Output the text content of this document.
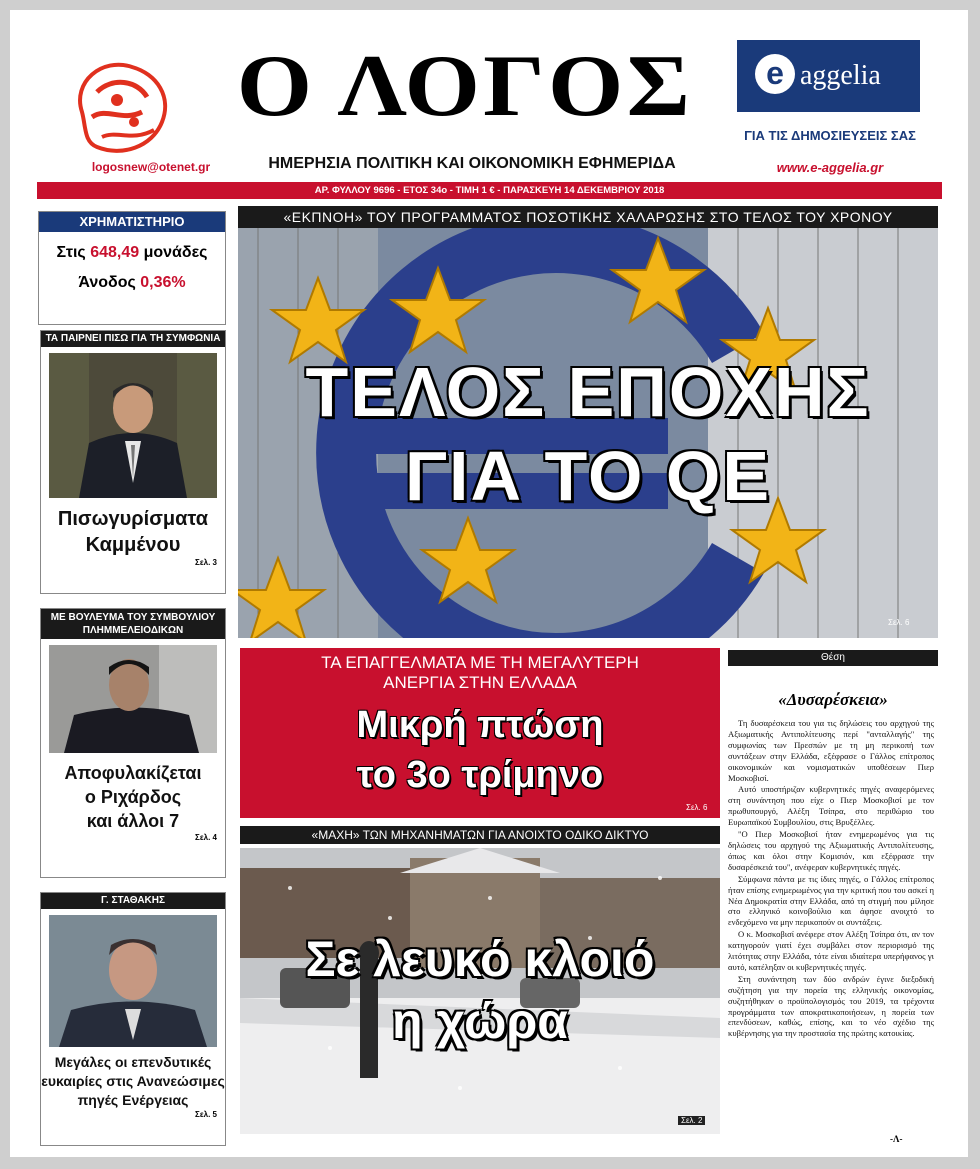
logosnew@otenet.gr
Ο ΛΟΓΟΣ
ΗΜΕΡΗΣΙΑ ΠΟΛΙΤΙΚΗ ΚΑΙ ΟΙΚΟΝΟΜΙΚΗ ΕΦΗΜΕΡΙΔΑ
ΑΡ. ΦΥΛΛΟΥ 9696 - ΕΤΟΣ 34ο - ΤΙΜΗ 1 € - ΠΑΡΑΣΚΕΥΗ 14 ΔΕΚΕΜΒΡΙΟΥ 2018
e aggelia
ΓΙΑ ΤΙΣ ΔΗΜΟΣΙΕΥΣΕΙΣ ΣΑΣ
www.e-aggelia.gr
ΧΡΗΜΑΤΙΣΤΗΡΙΟ
Στις 648,49 μονάδες
Άνοδος 0,36%
ΤΑ ΠΑΙΡΝΕΙ ΠΙΣΩ ΓΙΑ ΤΗ ΣΥΜΦΩΝΙΑ
Πισωγυρίσματα
Καμμένου
Σελ. 3
ΜΕ ΒΟΥΛΕΥΜΑ ΤΟΥ ΣΥΜΒΟΥΛΙΟΥ
ΠΛΗΜΜΕΛΕΙΟΔΙΚΩΝ
Αποφυλακίζεται
ο Ριχάρδος
και άλλοι 7
Σελ. 4
Γ. ΣΤΑΘΑΚΗΣ
Μεγάλες οι επενδυτικές
ευκαιρίες στις Ανανεώσιμες
πηγές Ενέργειας
Σελ. 5
«ΕΚΠΝΟΗ» ΤΟΥ ΠΡΟΓΡΑΜΜΑΤΟΣ ΠΟΣΟΤΙΚΗΣ ΧΑΛΑΡΩΣΗΣ ΣΤΟ ΤΕΛΟΣ ΤΟΥ ΧΡΟΝΟΥ
ΤΕΛΟΣ ΕΠΟΧΗΣ
ΓΙΑ ΤΟ QE
Σελ. 6
ΤΑ ΕΠΑΓΓΕΛΜΑΤΑ ΜΕ ΤΗ ΜΕΓΑΛΥΤΕΡΗ
ΑΝΕΡΓΙΑ ΣΤΗΝ ΕΛΛΑΔΑ
Μικρή πτώση
το 3ο τρίμηνο
Σελ. 6
«ΜΑΧΗ» ΤΩΝ ΜΗΧΑΝΗΜΑΤΩΝ ΓΙΑ ΑΝΟΙΧΤΟ ΟΔΙΚΟ ΔΙΚΤΥΟ
Σε λευκό κλοιό
η χώρα
Σελ. 2
Θέση
«Δυσαρέσκεια»

Τη δυσαρέσκεια του για τις δηλώσεις του αρχηγού της Αξιωματικής Αντιπολίτευσης περί "ανταλλαγής" της συμφωνίας των Πρεσπών με τη μη περικοπή των συντάξεων στην Ελλάδα, εξέφρασε ο Γάλλος επίτροπος οικονομικών και νομισματικών υποθέσεων Πιερ Μοσκοβισί.

Αυτό υποστήριζαν κυβερνητικές πηγές αναφερόμενες στη συνάντηση που είχε ο Πιερ Μοσκοβισί με τον πρωθυπουργό, Αλέξη Τσίπρα, στο περιθώριο του Ευρωπαϊκού Συμβουλίου, στις Βρυξέλλες.

"Ο Πιερ Μοσκοβισί ήταν ενημερωμένος για τις δηλώσεις του αρχηγού της Αξιωματικής Αντιπολίτευσης, όπως και όλοι στην Κομισιόν, και εξέφρασε την δυσαρέσκειά του", ανέφεραν κυβερνητικές πηγές.

Σύμφωνα πάντα με τις ίδιες πηγές, ο Γάλλος επίτροπος ήταν επίσης ενημερωμένος για την κριτική που του ασκεί η Νέα Δημοκρατία στην Ελλάδα, από τη στιγμή που μίλησε στο ελληνικό κοινοβούλιο και άφησε ανοιχτό το ενδεχόμενο να μην περικοπούν οι συντάξεις.

Ο κ. Μοσκοβισί ανέφερε στον Αλέξη Τσίπρα ότι, αν τον κατηγορούν γιατί έχει συμβάλει στον περιορισμό της λιτότητας στην Ελλάδα, τότε είναι ιδιαίτερα υπερήφανος γι αυτό, κατέληξαν οι κυβερνητικές πηγές.

Στη συνάντηση των δύο ανδρών έγινε διεξοδική συζήτηση για την πορεία της ελληνικής οικονομίας, συζητήθηκαν ο προϋπολογισμός του 2019, τα τρέχοντα προγράμματα των αποκρατικοποιήσεων, η πορεία των επενδύσεων, καθώς, επίσης, και το νέο σχέδιο της κυβέρνησης για την προστασία της πρώτης κατοικίας.

-Λ-
